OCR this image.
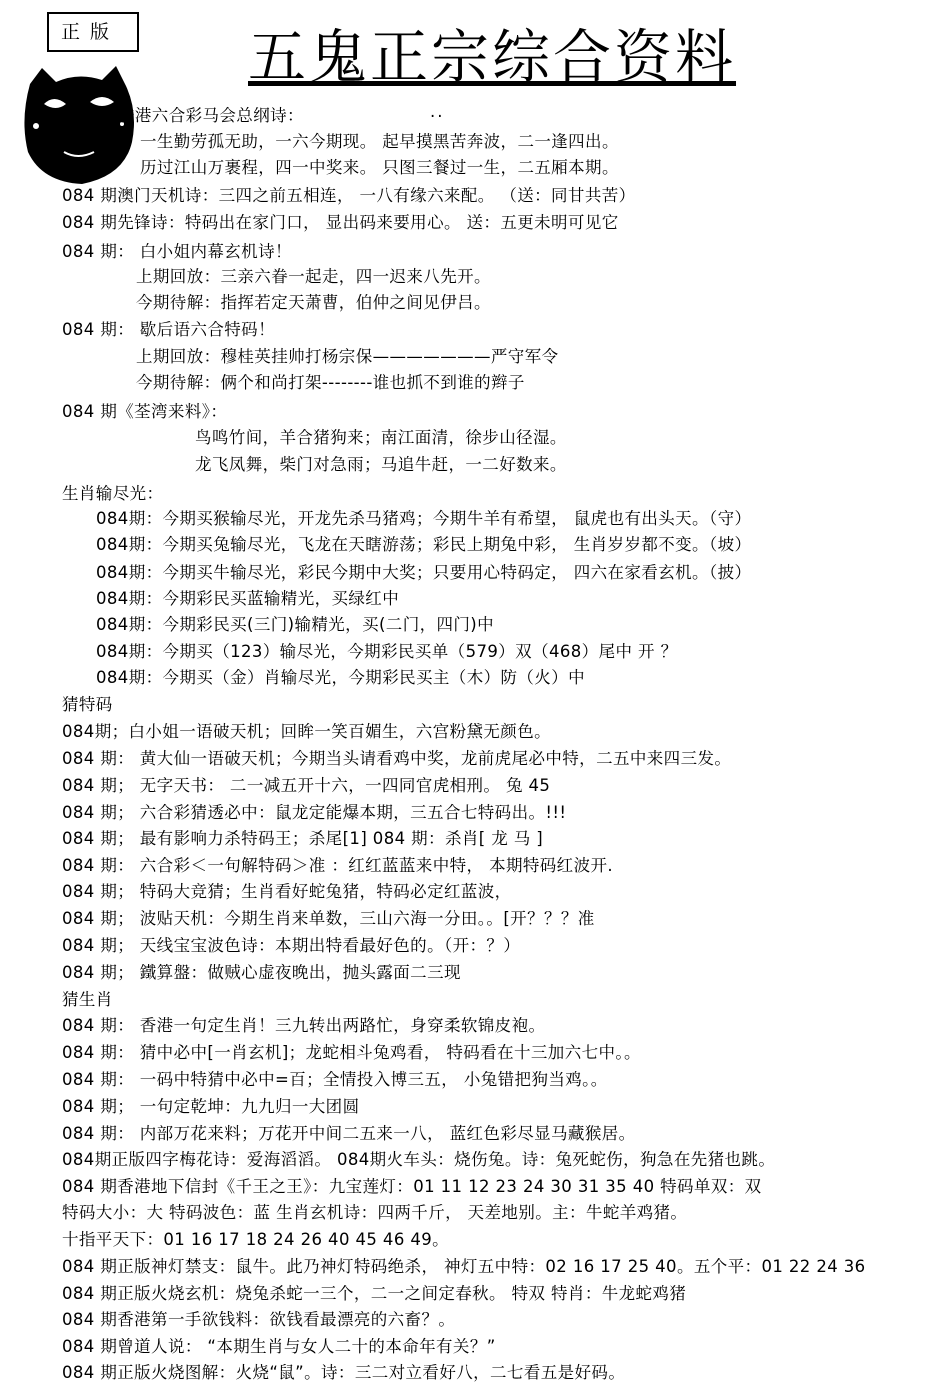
正 版	五鬼正宗综合资料
..
香港六合彩马会总纲诗：
一生勤劳孤无助，一六今期现。 起早摸黑苦奔波，二一逢四出。
历过江山万裹程，四一中奖来。 只图三餐过一生，二五厢本期。
084 期澳门天机诗：三四之前五相连， 一八有缘六来配。 （送：同甘共苦）
084 期先锋诗：特码出在家门口， 显出码来要用心。 送：五更未明可见它
084 期： 白小姐内幕玄机诗！
上期回放：三亲六眷一起走，四一迟来八先开。
今期待解：指挥若定天萧曹，伯仲之间见伊吕。
084 期： 歇后语六合特码！
上期回放：穆桂英挂帅打杨宗保———————严守军令
今期待解：俩个和尚打架--------谁也抓不到谁的辫子
084 期《荃湾来料》：
鸟鸣竹间，羊合猪狗来；南江面清，徐步山径湿。
龙飞凤舞，柴门对急雨；马追牛赶，一二好数来。
生肖输尽光：
084期：今期买猴输尽光，开龙先杀马猪鸡；今期牛羊有希望， 鼠虎也有出头天。（守）
084期：今期买兔输尽光，飞龙在天瞎游荡；彩民上期兔中彩， 生肖岁岁都不变。（坡）
084期：今期买牛输尽光，彩民今期中大奖；只要用心特码定， 四六在家看玄机。（披）
084期：今期彩民买蓝输精光，买绿红中
084期：今期彩民买(三门)输精光，买(二门，四门)中
084期：今期买（123）输尽光，今期彩民买单（579）双（468）尾中 开 ？
084期：今期买（金）肖输尽光，今期彩民买主（木）防（火）中
猜特码
084期；白小姐一语破天机；回眸一笑百媚生，六宫粉黛无颜色。
084 期： 黄大仙一语破天机；今期当头请看鸡中奖，龙前虎尾必中特，二五中来四三发。
084 期； 无字天书： 二一减五开十六，一四同官虎相刑。 兔 45
084 期； 六合彩猜透必中：鼠龙定能爆本期，三五合七特码出。!!!
084 期； 最有影响力杀特码王；杀尾[1] 084 期：杀肖[ 龙 马 ]
084 期： 六合彩＜一句解特码＞准 ：红红蓝蓝来中特， 本期特码红波开.
084 期； 特码大竞猜；生肖看好蛇兔猪，特码必定红蓝波，
084 期； 波贴天机：今期生肖来单数，三山六海一分田。。[开？？？准
084 期； 天线宝宝波色诗：本期出特看最好色的。（开：？）
084 期； 鐵算盤：做贼心虚夜晚出，抛头露面二三现
猜生肖
084 期： 香港一句定生肖！三九转出两路忙，身穿柔软锦皮袍。
084 期： 猜中必中[一肖玄机]；龙蛇相斗兔鸡看， 特码看在十三加六七中。。
084 期： 一码中特猜中必中=百；全情投入博三五， 小兔错把狗当鸡。。
084 期； 一句定乾坤：九九归一大团圆
084 期： 内部万花来料；万花开中间二五来一八， 蓝红色彩尽显马藏猴居。
084期正版四字梅花诗：爱海滔滔。 084期火车头：烧伤兔。诗：兔死蛇伤，狗急在先猪也跳。
084 期香港地下信封《千王之王》：九宝莲灯：01 11 12 23 24 30 31 35 40 特码单双：双
特码大小：大 特码波色：蓝 生肖玄机诗：四两千斤， 天差地别。主：牛蛇羊鸡猪。
十指平天下：01 16 17 18 24 26 40 45 46 49。
084 期正版神灯禁支：鼠牛。此乃神灯特码绝杀， 神灯五中特：02 16 17 25 40。五个平：01 22 24 36
084 期正版火烧玄机：烧兔杀蛇一三个，二一之间定春秋。 特双 特肖：牛龙蛇鸡猪
084 期香港第一手欲钱料：欲钱看最漂亮的六畜？。
084 期曾道人说： “本期生肖与女人二十的本命年有关？”
084 期正版火烧图解：火烧“鼠”。诗：三二对立看好八，二七看五是好码。
